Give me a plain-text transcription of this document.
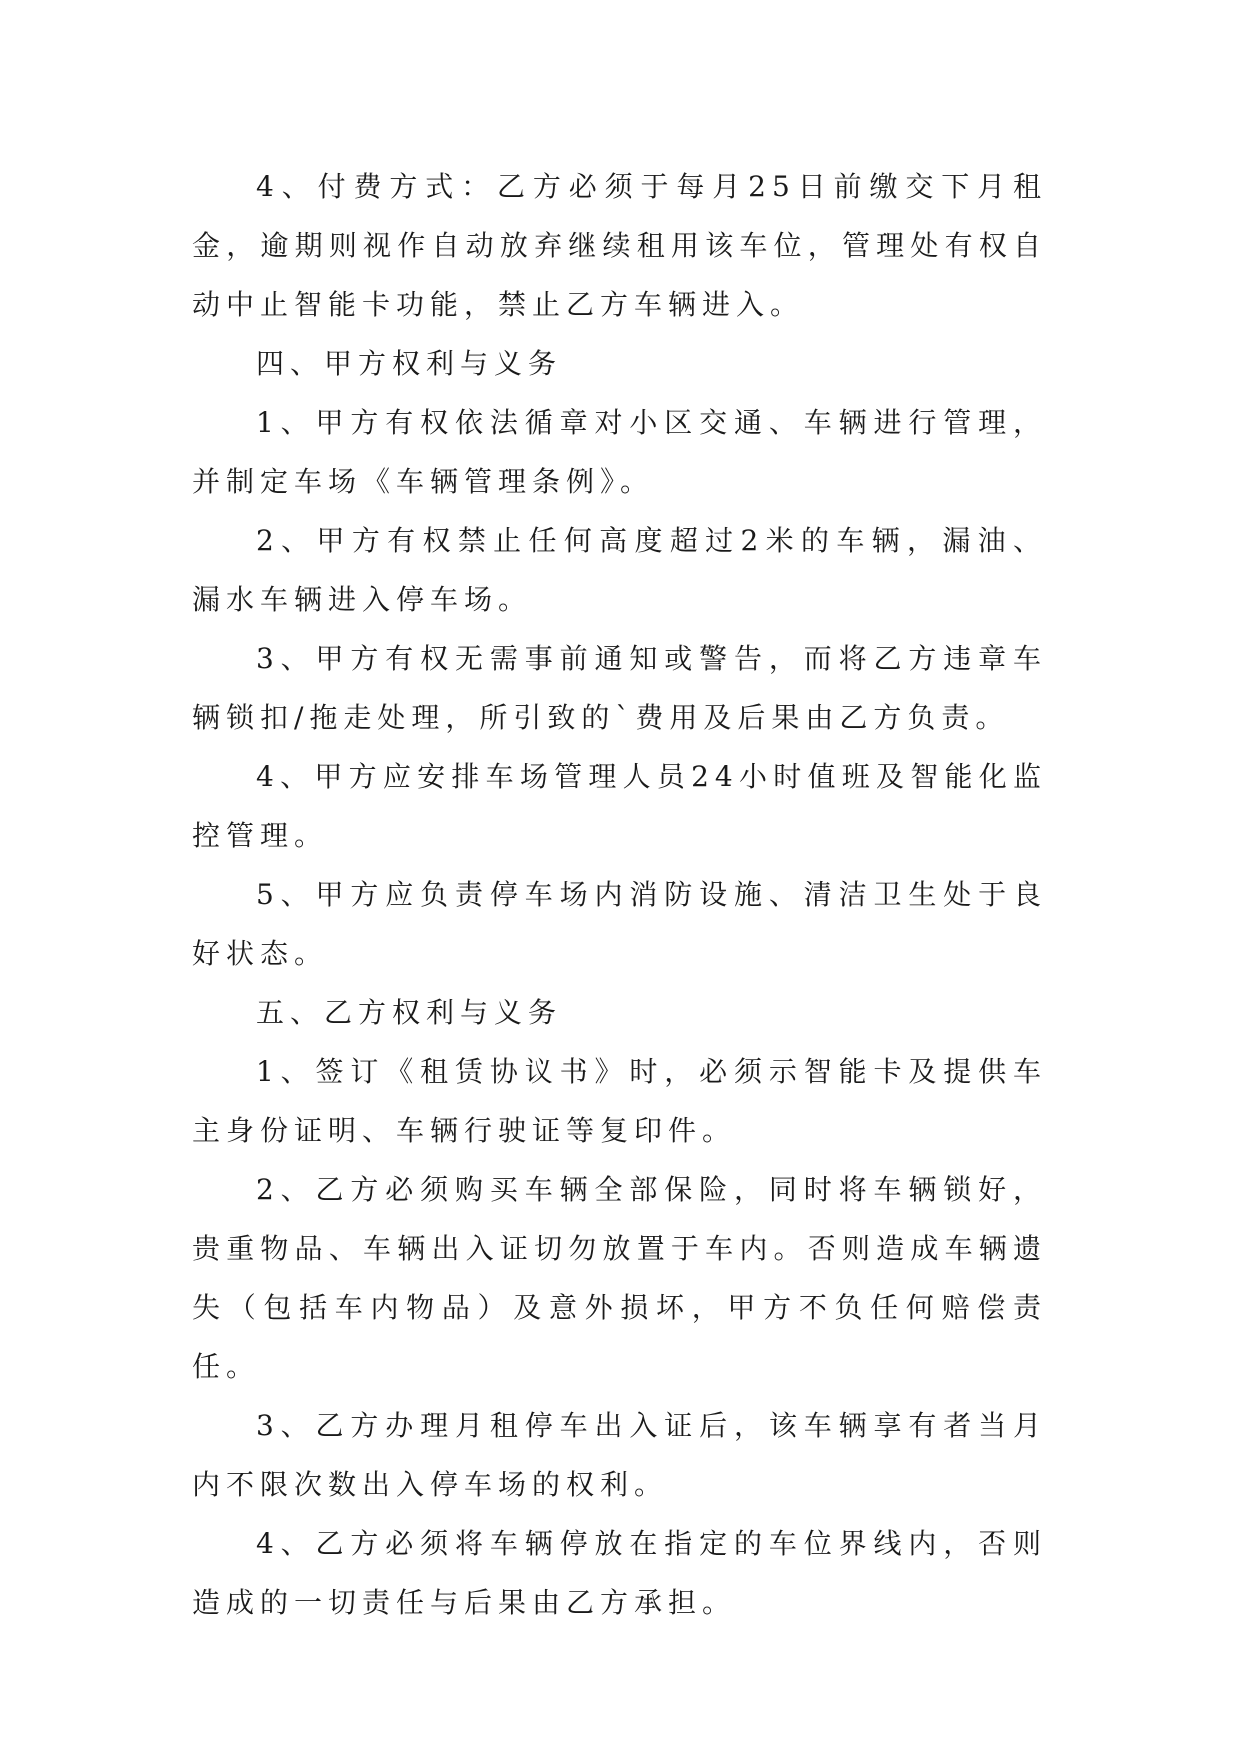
4、付费方式：乙方必须于每月25日前缴交下月租金，逾期则视作自动放弃继续租用该车位，管理处有权自动中止智能卡功能，禁止乙方车辆进入。

四、甲方权利与义务

1、甲方有权依法循章对小区交通、车辆进行管理，并制定车场《车辆管理条例》。

2、甲方有权禁止任何高度超过2米的车辆，漏油、漏水车辆进入停车场。

3、甲方有权无需事前通知或警告，而将乙方违章车辆锁扣/拖走处理，所引致的`费用及后果由乙方负责。

4、甲方应安排车场管理人员24小时值班及智能化监控管理。

5、甲方应负责停车场内消防设施、清洁卫生处于良好状态。

五、乙方权利与义务

1、签订《租赁协议书》时，必须示智能卡及提供车主身份证明、车辆行驶证等复印件。

2、乙方必须购买车辆全部保险，同时将车辆锁好，贵重物品、车辆出入证切勿放置于车内。否则造成车辆遗失（包括车内物品）及意外损坏，甲方不负任何赔偿责任。

3、乙方办理月租停车出入证后，该车辆享有者当月内不限次数出入停车场的权利。

4、乙方必须将车辆停放在指定的车位界线内，否则造成的一切责任与后果由乙方承担。
